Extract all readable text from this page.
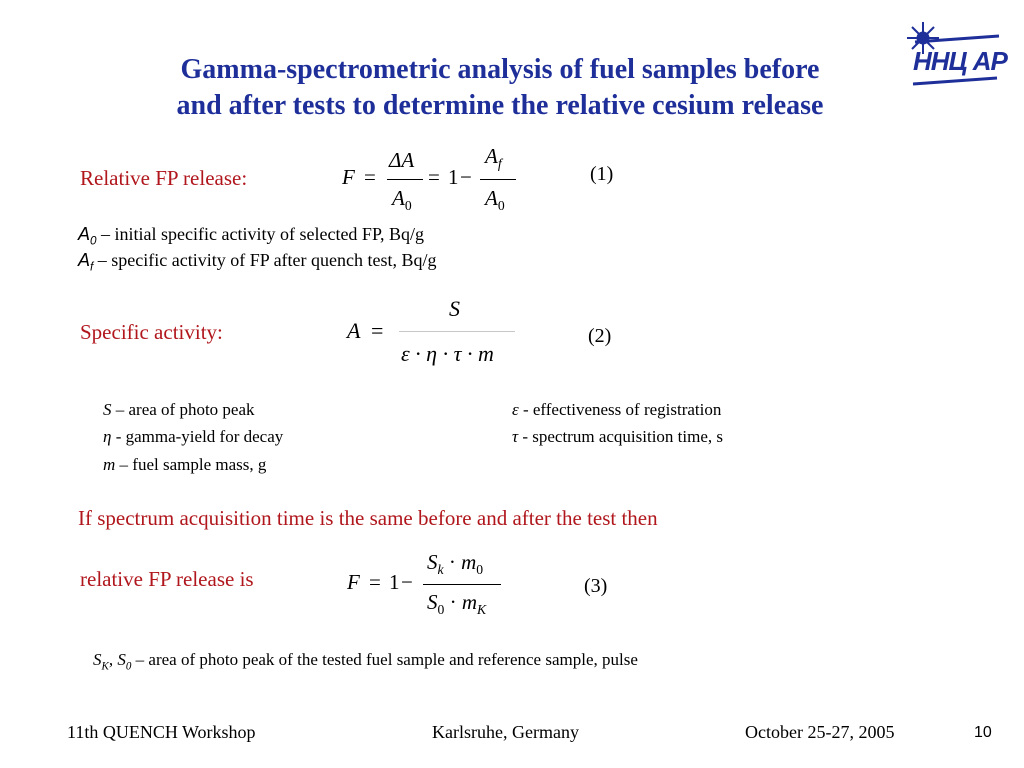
Gamma-spectrometric analysis of fuel samples before
and after tests to determine the relative cesium release
ННЦ АР
Relative FP release:	F =
ΔA
$A_0$
= 1 −
$A_f$
$A_0$
(1)
$A_0$ – initial specific activity of selected FP, Bq/g
$A_f$ – specific activity of FP after quench test, Bq/g
Specific activity:	A =
S
ε · η · τ · m
(2)
S – area of photo peak
η - gamma-yield for decay
m – fuel sample mass, g
ε - effectiveness of registration
τ - spectrum acquisition time, s
If spectrum acquisition time is the same before and after the test then
relative FP release is	F = 1 −
$S_k \cdot m_0$
$S_0 \cdot m_K$
(3)
$S_K$, $S_0$ – area of photo peak of the tested fuel sample and reference sample, pulse
11th QUENCH Workshop	Karlsruhe, Germany	October 25-27, 2005	10
